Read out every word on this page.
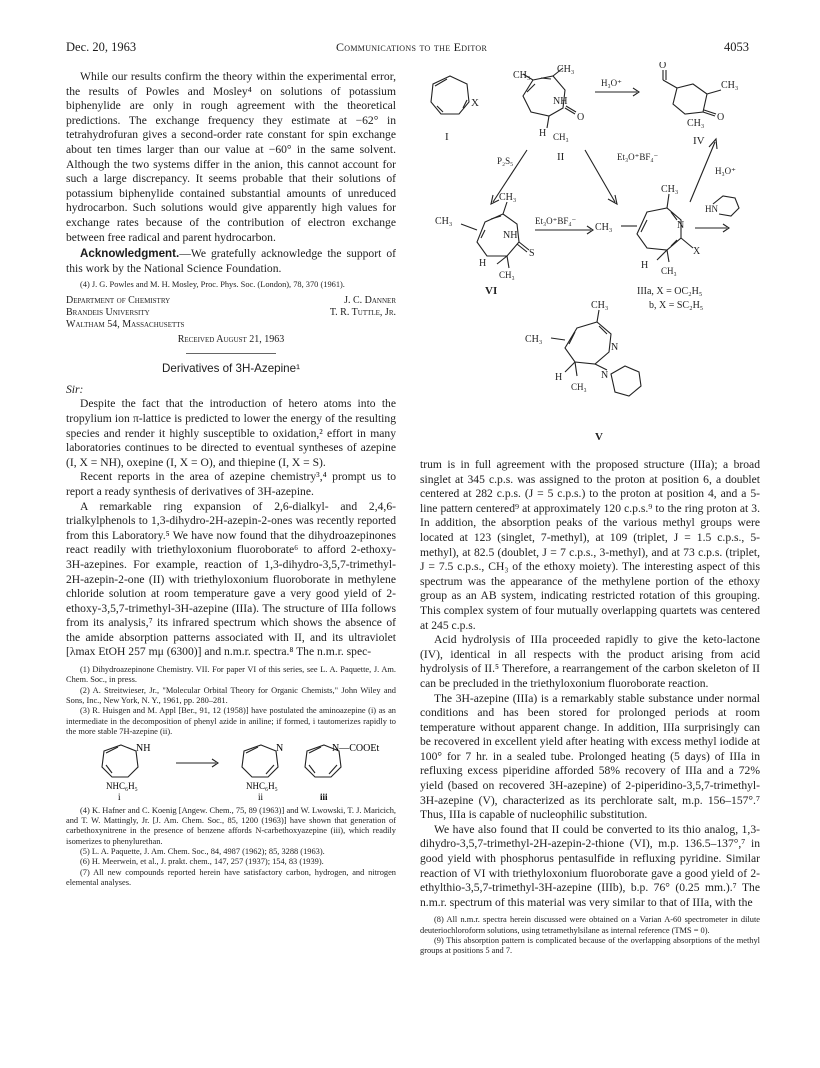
Dec. 20, 1963	Communications to the Editor	4053

While our results confirm the theory within the experimental error, the results of Powles and Mosley⁴ on solutions of potassium biphenylide are only in rough agreement with the theoretical predictions. The exchange frequency they estimate at −62° in tetrahydrofuran gives a second-order rate constant for spin exchange about ten times larger than our value at −60° in the same solvent. Although the two systems differ in the anion, this cannot account for such a large discrepancy. It seems probable that their solutions of potassium biphenylide contained substantial amounts of unreduced hydrocarbon. Such solutions would give apparently high values for exchange rates because of the contribution of electron exchange between free radical and parent hydrocarbon.

Acknowledgment.—We gratefully acknowledge the support of this work by the National Science Foundation.

(4) J. G. Powles and M. H. Mosley, Proc. Phys. Soc. (London), 78, 370 (1961).

Department of Chemistry
Brandeis University
Waltham 54, Massachusetts
J. C. Danner
T. R. Tuttle, Jr.
Received August 21, 1963
Derivatives of 3H-Azepine¹
Sir:

Despite the fact that the introduction of hetero atoms into the tropylium ion π-lattice is predicted to lower the energy of the resulting species and render it highly susceptible to oxidation,² effort in many laboratories continues to be directed to eventual syntheses of azepine (I, X = NH), oxepine (I, X = O), and thiepine (I, X = S).

Recent reports in the area of azepine chemistry³,⁴ prompt us to report a ready synthesis of derivatives of 3H-azepine.

A remarkable ring expansion of 2,6-dialkyl- and 2,4,6-trialkylphenols to 1,3-dihydro-2H-azepin-2-ones was recently reported from this Laboratory.⁵ We have now found that the dihydroazepinones react readily with triethyloxonium fluoroborate⁶ to afford 2-ethoxy-3H-azepines. For example, reaction of 1,3-dihydro-3,5,7-trimethyl-2H-azepin-2-one (II) with triethyloxonium fluoroborate in methylene chloride solution at room temperature gave a very good yield of 2-ethoxy-3,5,7-trimethyl-3H-azepine (IIIa). The structure of IIIa follows from its analysis,⁷ its infrared spectrum which shows the absence of the amide absorption patterns associated with II, and its ultraviolet [λmax EtOH 257 mμ (6300)] and n.m.r. spectra.⁸ The n.m.r. spec-

(1) Dihydroazepinone Chemistry. VII. For paper VI of this series, see L. A. Paquette, J. Am. Chem. Soc., in press.

(2) A. Streitwieser, Jr., "Molecular Orbital Theory for Organic Chemists," John Wiley and Sons, Inc., New York, N. Y., 1961, pp. 280–281.

(3) R. Huisgen and M. Appl [Ber., 91, 12 (1958)] have postulated the aminoazepine (i) as an intermediate in the decomposition of phenyl azide in aniline; if formed, i tautomerizes rapidly to the more stable 7H-azepine (ii).

NH
NHC₆H₅
i
N
NHC₆H₅
ii
N—COOEt
iii

(4) K. Hafner and C. Koenig [Angew. Chem., 75, 89 (1963)] and W. Lwowski, T. J. Maricich, and T. W. Mattingly, Jr. [J. Am. Chem. Soc., 85, 1200 (1963)] have shown that generation of carbethoxynitrene in the presence of benzene affords N-carbethoxyazepine (iii), which readily isomerizes to phenylurethan.

(5) L. A. Paquette, J. Am. Chem. Soc., 84, 4987 (1962); 85, 3288 (1963).

(6) H. Meerwein, et al., J. prakt. chem., 147, 257 (1937); 154, 83 (1939).

(7) All new compounds reported herein have satisfactory carbon, hydrogen, and nitrogen elemental analyses.

X
I
CH₃
CH₃
NH
O
H CH₃
II
H₃O⁺
O
CH₃
O
CH₃
IV
P₂S₅	Et₃O⁺BF₄⁻
H₃O⁺
CH₃
CH₃
NH
S
H
CH₃
VI
Et₃O⁺BF₄⁻
CH₃
CH₃
N
X
H CH₃
IIIa, X = OC₂H₅
b, X = SC₂H₅
HN
CH₃
CH₃
N
N
H
CH₃
V

trum is in full agreement with the proposed structure (IIIa); a broad singlet at 345 c.p.s. was assigned to the proton at position 6, a doublet centered at 282 c.p.s. (J = 5 c.p.s.) to the proton at position 4, and a 5-line pattern centered⁹ at approximately 120 c.p.s.⁹ to the ring proton at 3. In addition, the absorption peaks of the various methyl groups were located at 123 (singlet, 7-methyl), at 109 (triplet, J = 1.5 c.p.s., 5-methyl), at 82.5 (doublet, J = 7 c.p.s., 3-methyl), and at 73 c.p.s. (triplet, J = 7.5 c.p.s., CH₃ of the ethoxy moiety). The interesting aspect of this spectrum was the appearance of the methylene portion of the ethoxy group as an AB system, indicating restricted rotation of this grouping. This complex system of four mutually overlapping quartets was centered at 245 c.p.s.

Acid hydrolysis of IIIa proceeded rapidly to give the keto-lactone (IV), identical in all respects with the product arising from acid hydrolysis of II.⁵ Therefore, a rearrangement of the carbon skeleton of II can be precluded in the triethyloxonium fluoroborate reaction.

The 3H-azepine (IIIa) is a remarkably stable substance under normal conditions and has been stored for prolonged periods at room temperature without apparent change. In addition, IIIa surprisingly can be recovered in excellent yield after heating with excess methyl iodide at 100° for 7 hr. in a sealed tube. Prolonged heating (5 days) of IIIa in refluxing excess piperidine afforded 58% recovery of IIIa and a 72% yield (based on recovered 3H-azepine) of 2-piperidino-3,5,7-trimethyl-3H-azepine (V), characterized as its perchlorate salt, m.p. 156–157°.⁷ Thus, IIIa is capable of nucleophilic substitution.

We have also found that II could be converted to its thio analog, 1,3-dihydro-3,5,7-trimethyl-2H-azepin-2-thione (VI), m.p. 136.5–137°,⁷ in good yield with phosphorus pentasulfide in refluxing pyridine. Similar reaction of VI with triethyloxonium fluoroborate gave a good yield of 2-ethylthio-3,5,7-trimethyl-3H-azepine (IIIb), b.p. 76° (0.25 mm.).⁷ The n.m.r. spectrum of this material was very similar to that of IIIa, with the

(8) All n.m.r. spectra herein discussed were obtained on a Varian A-60 spectrometer in dilute deuteriochloroform solutions, using tetramethylsilane as internal reference (TMS = 0).

(9) This absorption pattern is complicated because of the overlapping absorptions of the methyl groups at positions 5 and 7.
